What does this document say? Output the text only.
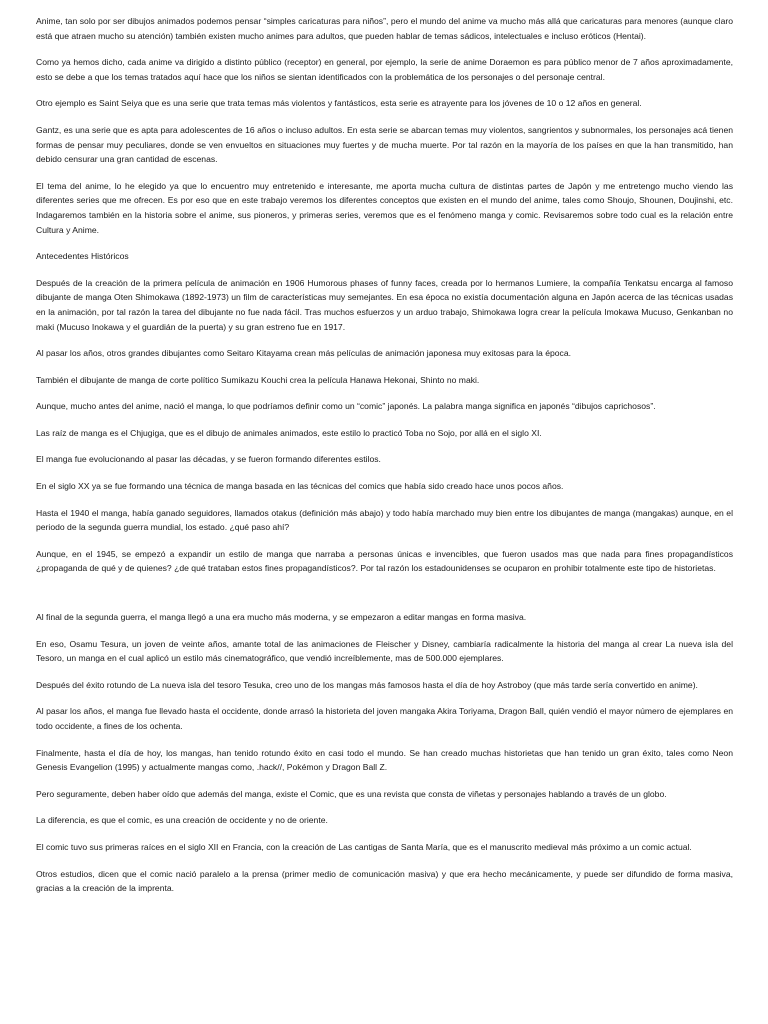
Anime, tan solo por ser dibujos animados podemos pensar “simples caricaturas para niños”, pero el mundo del anime va mucho más allá que caricaturas para menores (aunque claro está que atraen mucho su atención) también existen mucho animes para adultos, que pueden hablar de temas sádicos, intelectuales e incluso eróticos (Hentai).

Como ya hemos dicho, cada anime va dirigido a distinto público (receptor) en general, por ejemplo, la serie de anime Doraemon es para público menor de 7 años aproximadamente, esto se debe a que los temas tratados aquí hace que los niños se sientan identificados con la problemática de los personajes o del personaje central.

Otro ejemplo es Saint Seiya que es una serie que trata temas más violentos y fantásticos, esta serie es atrayente para los jóvenes de 10 o 12 años en general.

Gantz, es una serie que es apta para adolescentes de 16 años o incluso adultos. En esta serie se abarcan temas muy violentos, sangrientos y subnormales, los personajes acá tienen formas de pensar muy peculiares, donde se ven envueltos en situaciones muy fuertes y de mucha muerte. Por tal razón en la mayoría de los países en que la han transmitido, han debido censurar una gran cantidad de escenas.

El tema del anime, lo he elegido ya que lo encuentro muy entretenido e interesante, me aporta mucha cultura de distintas partes de Japón y me entretengo mucho viendo las diferentes series que me ofrecen. Es por eso que en este trabajo veremos los diferentes conceptos que existen en el mundo del anime, tales como Shoujo, Shounen, Doujinshi, etc. Indagaremos también en la historia sobre el anime, sus pioneros, y primeras series, veremos que es el fenómeno manga y comic. Revisaremos sobre todo cual es la relación entre Cultura y Anime.

Antecedentes Históricos

Después de la creación de la primera película de animación en 1906 Humorous phases of funny faces, creada por lo hermanos Lumiere, la compañía Tenkatsu encarga al famoso dibujante de manga Oten Shimokawa (1892-1973) un film de características muy semejantes. En esa época no existía documentación alguna en Japón acerca de las técnicas usadas en la animación, por tal razón la tarea del dibujante no fue nada fácil. Tras muchos esfuerzos y un arduo trabajo, Shimokawa logra crear la película Imokawa Mucuso, Genkanban no maki (Mucuso Inokawa y el guardián de la puerta) y su gran estreno fue en 1917.

Al pasar los años, otros grandes dibujantes como Seitaro Kitayama crean más películas de animación japonesa muy exitosas para la época.

También el dibujante de manga de corte político Sumikazu Kouchi crea la película Hanawa Hekonai, Shinto no maki.

Aunque, mucho antes del anime, nació el manga, lo que podríamos definir como un “comic” japonés. La palabra manga significa en japonés “dibujos caprichosos”.

Las raíz de manga es el Chjugiga, que es el dibujo de animales animados, este estilo lo practicó Toba no Sojo, por allá en el siglo XI.

El manga fue evolucionando al pasar las décadas, y se fueron formando diferentes estilos.

En el siglo XX ya se fue formando una técnica de manga basada en las técnicas del comics que había sido creado hace unos pocos años.

Hasta el 1940 el manga, había ganado seguidores, llamados otakus (definición más abajo) y todo había marchado muy bien entre los dibujantes de manga (mangakas) aunque, en el periodo de la segunda guerra mundial, los estado. ¿qué paso ahí?

Aunque, en el 1945, se empezó a expandir un estilo de manga que narraba a personas únicas e invencibles, que fueron usados mas que nada para fines propagandísticos ¿propaganda de qué y de quienes? ¿de qué trataban estos fines propagandísticos?. Por tal razón los estadounidenses se ocuparon en prohibir totalmente este tipo de historietas.

Al final de la segunda guerra, el manga llegó a una era mucho más moderna, y se empezaron a editar mangas en forma masiva.

En eso, Osamu Tesura, un joven de veinte años, amante total de las animaciones de Fleischer y Disney, cambiaría radicalmente la historia del manga al crear La nueva isla del Tesoro, un manga en el cual aplicó un estilo más cinematográfico, que vendió increíblemente, mas de 500.000 ejemplares.

Después del éxito rotundo de La nueva isla del tesoro Tesuka, creo uno de los mangas más famosos hasta el día de hoy Astroboy (que más tarde sería convertido en anime).

Al pasar los años, el manga fue llevado hasta el occidente, donde arrasó la historieta del joven mangaka Akira Toriyama, Dragon Ball, quién vendió el mayor número de ejemplares en todo occidente, a fines de los ochenta.

Finalmente, hasta el día de hoy, los mangas, han tenido rotundo éxito en casi todo el mundo. Se han creado muchas historietas que han tenido un gran éxito, tales como Neon Genesis Evangelion (1995) y actualmente mangas como, .hack//, Pokémon y Dragon Ball Z.

Pero seguramente, deben haber oído que además del manga, existe el Comic, que es una revista que consta de viñetas y personajes hablando a través de un globo.

La diferencia, es que el comic, es una creación de occidente y no de oriente.

El comic tuvo sus primeras raíces en el siglo XII en Francia, con la creación de Las cantigas de Santa María, que es el manuscrito medieval más próximo a un comic actual.

Otros estudios, dicen que el comic nació paralelo a la prensa (primer medio de comunicación masiva) y que era hecho mecánicamente, y puede ser difundido de forma masiva, gracias a la creación de la imprenta.
